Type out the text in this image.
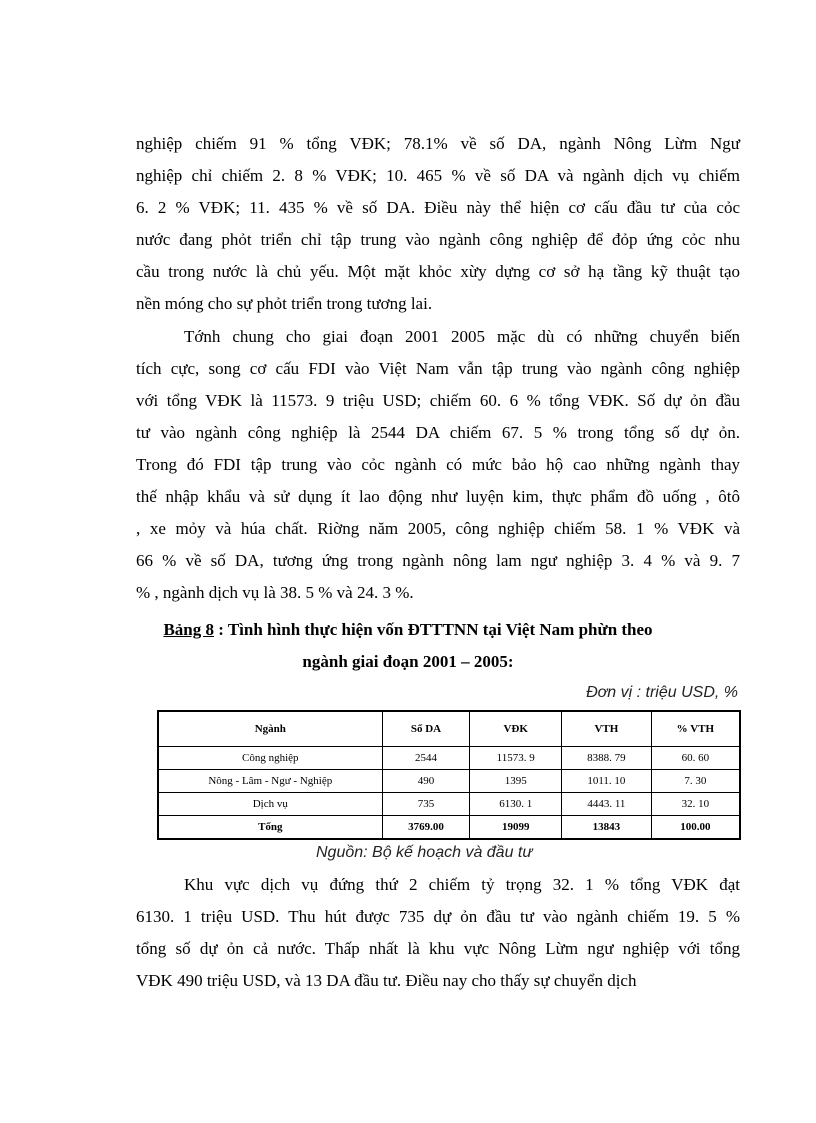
nghiệp chiếm 91 % tổng VĐK; 78.1% về số DA, ngành Nông Lừm Ngư
nghiệp chỉ chiếm 2. 8 % VĐK; 10. 465 % về số DA và ngành dịch vụ chiếm
6. 2 % VĐK; 11. 435 % về số DA. Điều này thể hiện cơ cấu đầu tư của cỏc
nước đang phỏt triển chỉ tập trung vào ngành công nghiệp để đỏp ứng cỏc nhu
cầu trong nước là chủ yếu. Một mặt khỏc xừy dựng cơ sở hạ tầng kỹ thuật tạo
nền móng cho sự phỏt triển trong tương lai.
Tớnh chung cho giai đoạn 2001 2005 mặc dù có những chuyển biến
tích cực, song cơ cấu FDI vào Việt Nam vẫn tập trung vào ngành công nghiệp
với tổng VĐK là 11573. 9 triệu USD; chiếm 60. 6 % tổng VĐK. Số dự ỏn đầu
tư vào ngành công nghiệp là 2544 DA chiếm 67. 5 % trong tổng số dự ỏn.
Trong đó FDI tập trung vào cỏc ngành có mức bảo hộ cao những ngành thay
thế nhập khẩu và sử dụng ít lao động như luyện kim, thực phẩm đồ uống , ôtô
, xe mỏy và húa chất. Riờng năm 2005, công nghiệp chiếm 58. 1 % VĐK và
66 % về số DA, tương ứng trong ngành nông lam ngư nghiệp 3. 4 % và 9. 7
% , ngành dịch vụ là 38. 5 % và 24. 3 %.
Bảng 8 : Tình hình thực hiện vốn ĐTTTNN tại Việt Nam phừn theo
ngành giai đoạn 2001 – 2005:
Đơn vị : triệu USD, %
Ngành	Số DA	VĐK	VTH	% VTH
Công nghiệp	2544	11573. 9	8388. 79	60. 60
Nông - Lâm - Ngư - Nghiệp	490	1395	1011. 10	7. 30
Dịch vụ	735	6130. 1	4443. 11	32. 10
Tổng	3769.00	19099	13843	100.00
Nguồn: Bộ kế hoạch và đầu tư
Khu vực dịch vụ đứng thứ 2 chiếm tỷ trọng 32. 1 % tổng VĐK đạt
6130. 1 triệu USD. Thu hút được 735 dự ỏn đầu tư vào ngành chiếm 19. 5 %
tổng số dự ỏn cả nước. Thấp nhất là khu vực Nông Lừm ngư nghiệp với tổng
VĐK 490 triệu USD, và 13 DA đầu tư. Điều nay cho thấy sự chuyển dịch
